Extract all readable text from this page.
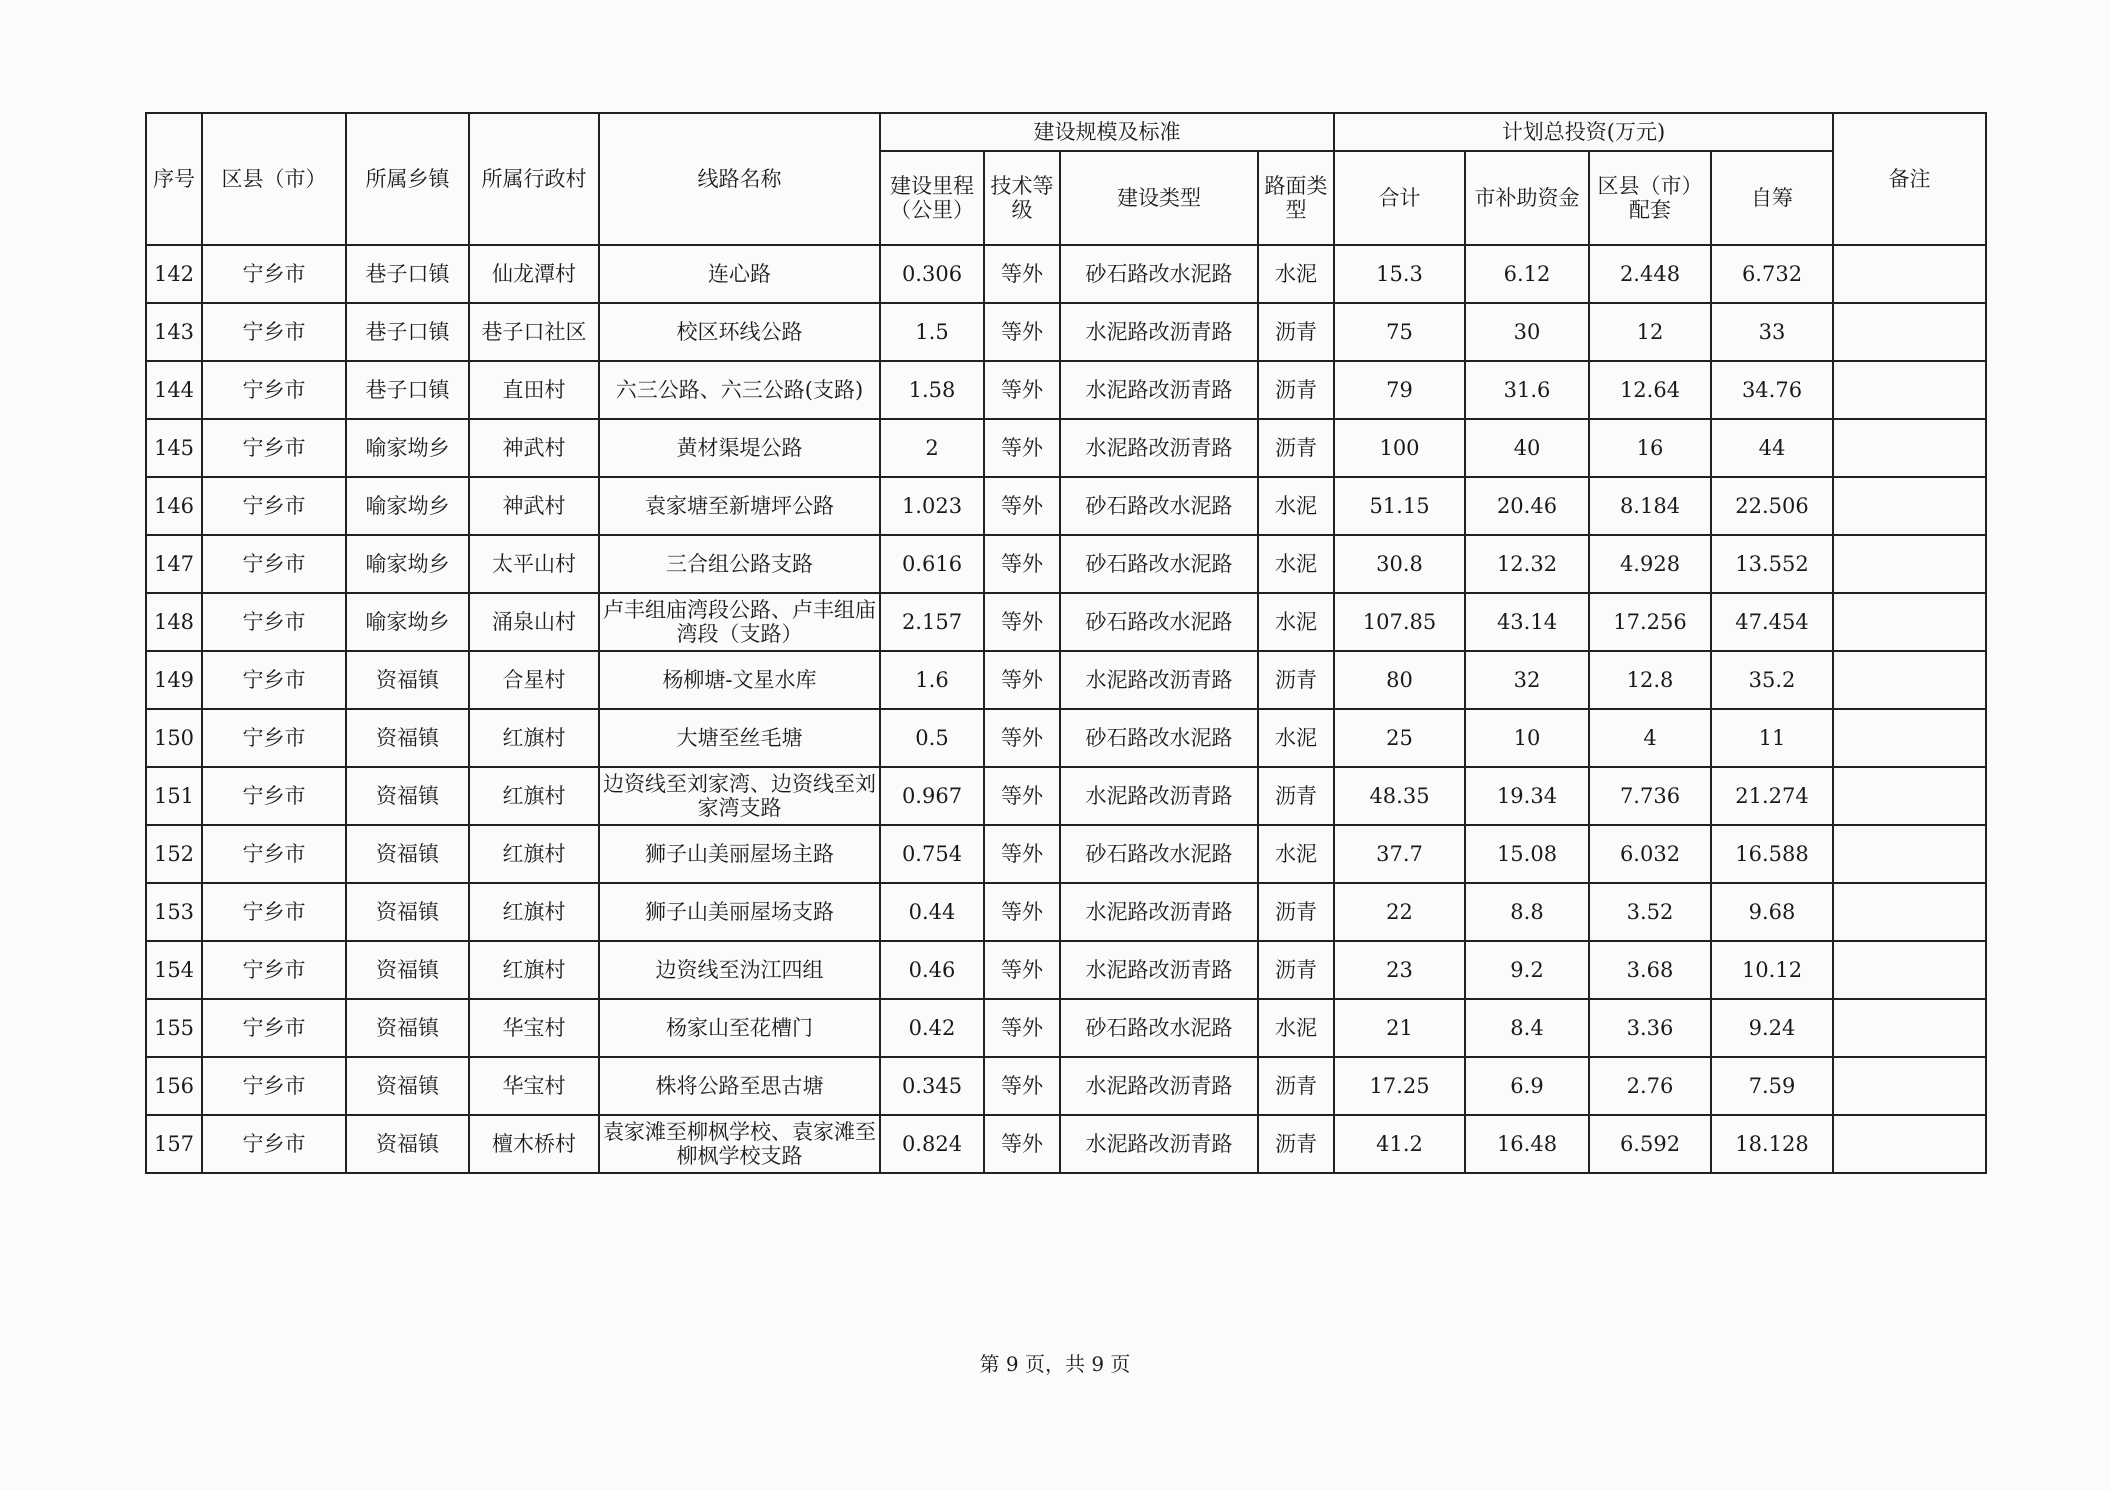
序号	区县（市）	所属乡镇	所属行政村	线路名称	建设规模及标准				计划总投资(万元)				备注
					建设里程（公里）	技术等级	建设类型	路面类型	合计	市补助资金	区县（市）配套	自筹	
142	宁乡市	巷子口镇	仙龙潭村	连心路	0.306	等外	砂石路改水泥路	水泥	15.3	6.12	2.448	6.732	
143	宁乡市	巷子口镇	巷子口社区	校区环线公路	1.5	等外	水泥路改沥青路	沥青	75	30	12	33	
144	宁乡市	巷子口镇	直田村	六三公路、六三公路(支路)	1.58	等外	水泥路改沥青路	沥青	79	31.6	12.64	34.76	
145	宁乡市	喻家坳乡	神武村	黄材渠堤公路	2	等外	水泥路改沥青路	沥青	100	40	16	44	
146	宁乡市	喻家坳乡	神武村	袁家塘至新塘坪公路	1.023	等外	砂石路改水泥路	水泥	51.15	20.46	8.184	22.506	
147	宁乡市	喻家坳乡	太平山村	三合组公路支路	0.616	等外	砂石路改水泥路	水泥	30.8	12.32	4.928	13.552	
148	宁乡市	喻家坳乡	涌泉山村	卢丰组庙湾段公路、卢丰组庙湾段（支路）	2.157	等外	砂石路改水泥路	水泥	107.85	43.14	17.256	47.454	
149	宁乡市	资福镇	合星村	杨柳塘-文星水库	1.6	等外	水泥路改沥青路	沥青	80	32	12.8	35.2	
150	宁乡市	资福镇	红旗村	大塘至丝毛塘	0.5	等外	砂石路改水泥路	水泥	25	10	4	11	
151	宁乡市	资福镇	红旗村	边资线至刘家湾、边资线至刘家湾支路	0.967	等外	水泥路改沥青路	沥青	48.35	19.34	7.736	21.274	
152	宁乡市	资福镇	红旗村	狮子山美丽屋场主路	0.754	等外	砂石路改水泥路	水泥	37.7	15.08	6.032	16.588	
153	宁乡市	资福镇	红旗村	狮子山美丽屋场支路	0.44	等外	水泥路改沥青路	沥青	22	8.8	3.52	9.68	
154	宁乡市	资福镇	红旗村	边资线至沩江四组	0.46	等外	水泥路改沥青路	沥青	23	9.2	3.68	10.12	
155	宁乡市	资福镇	华宝村	杨家山至花槽门	0.42	等外	砂石路改水泥路	水泥	21	8.4	3.36	9.24	
156	宁乡市	资福镇	华宝村	株将公路至思古塘	0.345	等外	水泥路改沥青路	沥青	17.25	6.9	2.76	7.59	
157	宁乡市	资福镇	檀木桥村	袁家滩至柳枫学校、袁家滩至柳枫学校支路	0.824	等外	水泥路改沥青路	沥青	41.2	16.48	6.592	18.128	
第 9 页，共 9 页
